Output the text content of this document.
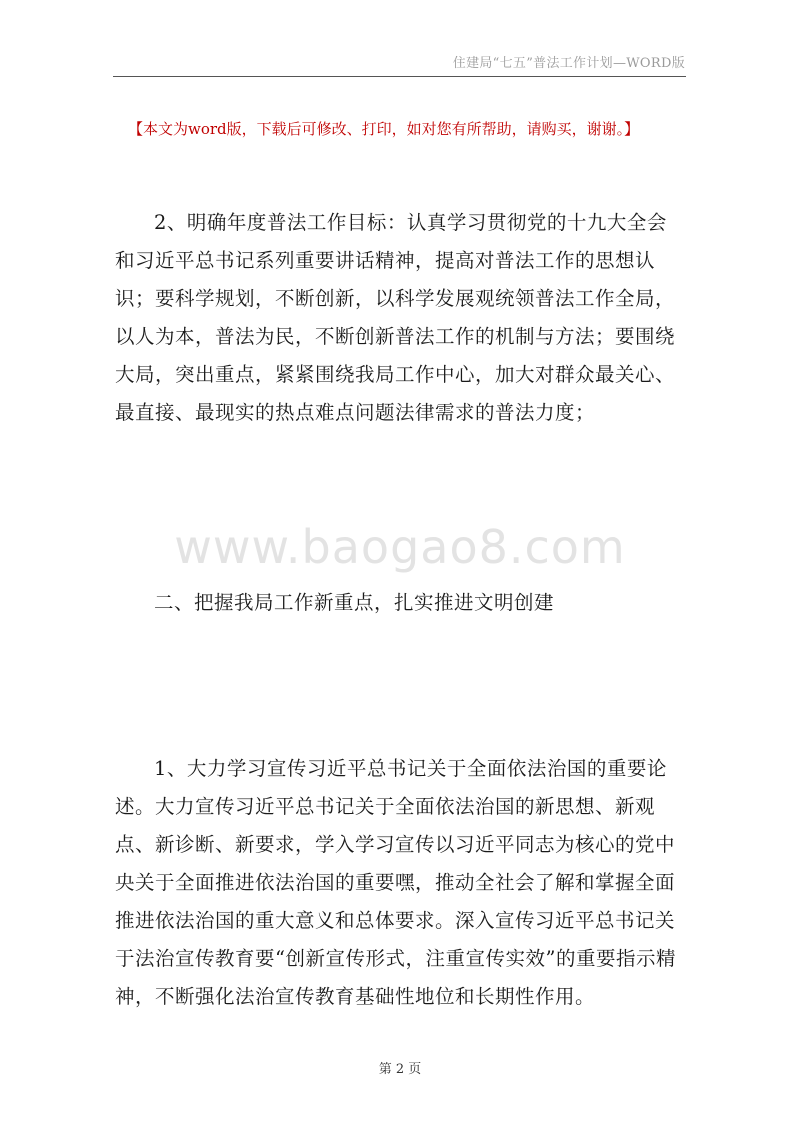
住建局“七五”普法工作计划—WORD版
【本文为word版，下载后可修改、打印，如对您有所帮助，请购买，谢谢。】

2、明确年度普法工作目标：认真学习贯彻党的十九大全会和习近平总书记系列重要讲话精神，提高对普法工作的思想认识；要科学规划，不断创新，以科学发展观统领普法工作全局，以人为本，普法为民，不断创新普法工作的机制与方法；要围绕大局，突出重点，紧紧围绕我局工作中心，加大对群众最关心、最直接、最现实的热点难点问题法律需求的普法力度；

www.baogao8.com

二、把握我局工作新重点，扎实推进文明创建

1、大力学习宣传习近平总书记关于全面依法治国的重要论述。大力宣传习近平总书记关于全面依法治国的新思想、新观点、新诊断、新要求，学入学习宣传以习近平同志为核心的党中央关于全面推进依法治国的重要嘿，推动全社会了解和掌握全面推进依法治国的重大意义和总体要求。深入宣传习近平总书记关于法治宣传教育要“创新宣传形式，注重宣传实效”的重要指示精神，不断强化法治宣传教育基础性地位和长期性作用。

第 2 页
